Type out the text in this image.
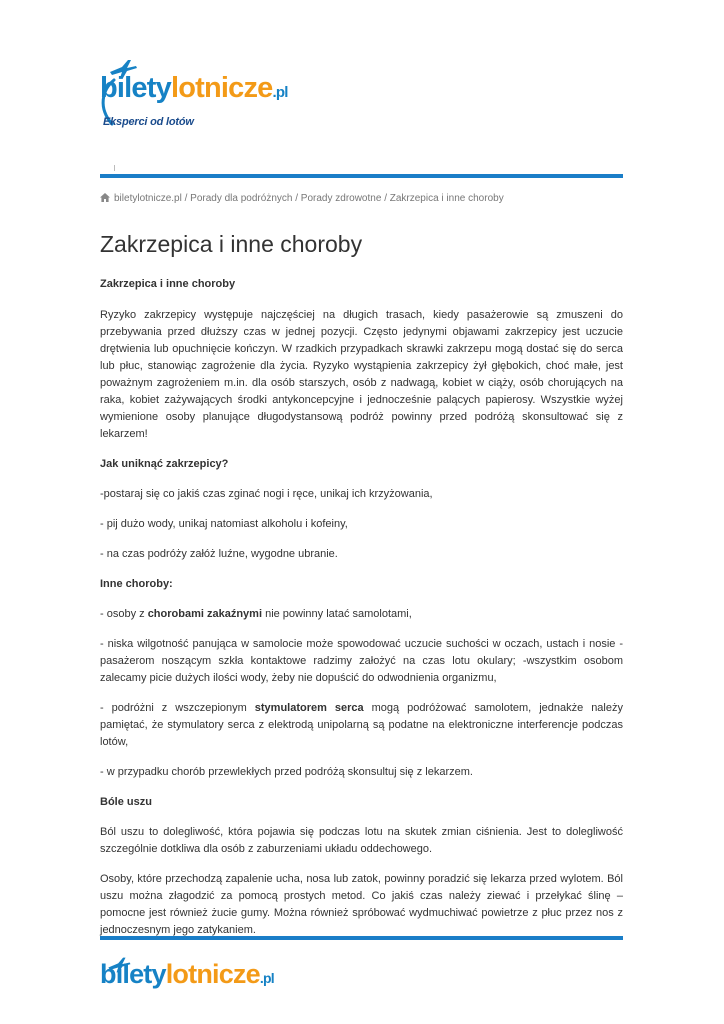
biletylotnicze.pl
Eksperci od lotów
biletylotnicze.pl / Porady dla podróżnych / Porady zdrowotne / Zakrzepica i inne choroby
Zakrzepica i inne choroby
Zakrzepica i inne choroby

Ryzyko zakrzepicy występuje najczęściej na długich trasach, kiedy pasażerowie są zmuszeni do przebywania przed dłuższy czas w jednej pozycji. Często jedynymi objawami zakrzepicy jest uczucie drętwienia lub opuchnięcie kończyn. W rzadkich przypadkach skrawki zakrzepu mogą dostać się do serca lub płuc, stanowiąc zagrożenie dla życia. Ryzyko wystąpienia zakrzepicy żył głębokich, choć małe, jest poważnym zagrożeniem m.in. dla osób starszych, osób z nadwagą, kobiet w ciąży, osób chorujących na raka, kobiet zażywających środki antykoncepcyjne i jednocześnie palących papierosy. Wszystkie wyżej wymienione osoby planujące długodystansową podróż powinny przed podróżą skonsultować się z lekarzem!

Jak uniknąć zakrzepicy?

-postaraj się co jakiś czas zginać nogi i ręce, unikaj ich krzyżowania,

- pij dużo wody, unikaj natomiast alkoholu i kofeiny,

- na czas podróży załóż luźne, wygodne ubranie.

Inne choroby:

- osoby z chorobami zakaźnymi nie powinny latać samolotami,

- niska wilgotność panująca w samolocie może spowodować uczucie suchości w oczach, ustach i nosie - pasażerom noszącym szkła kontaktowe radzimy założyć na czas lotu okulary; -wszystkim osobom zalecamy picie dużych ilości wody, żeby nie dopuścić do odwodnienia organizmu,

- podróżni z wszczepionym stymulatorem serca mogą podróżować samolotem, jednakże należy pamiętać, że stymulatory serca z elektrodą unipolarną są podatne na elektroniczne interferencje podczas lotów,

- w przypadku chorób przewlekłych przed podróżą skonsultuj się z lekarzem.

Bóle uszu

Ból uszu to dolegliwość, która pojawia się podczas lotu na skutek zmian ciśnienia. Jest to dolegliwość szczególnie dotkliwa dla osób z zaburzeniami układu oddechowego.

Osoby, które przechodzą zapalenie ucha, nosa lub zatok, powinny poradzić się lekarza przed wylotem. Ból uszu można złagodzić za pomocą prostych metod. Co jakiś czas należy ziewać i przełykać ślinę – pomocne jest również żucie gumy. Można również spróbować wydmuchiwać powietrze z płuc przez nos z jednoczesnym jego zatykaniem.

biletylotnicze.pl
